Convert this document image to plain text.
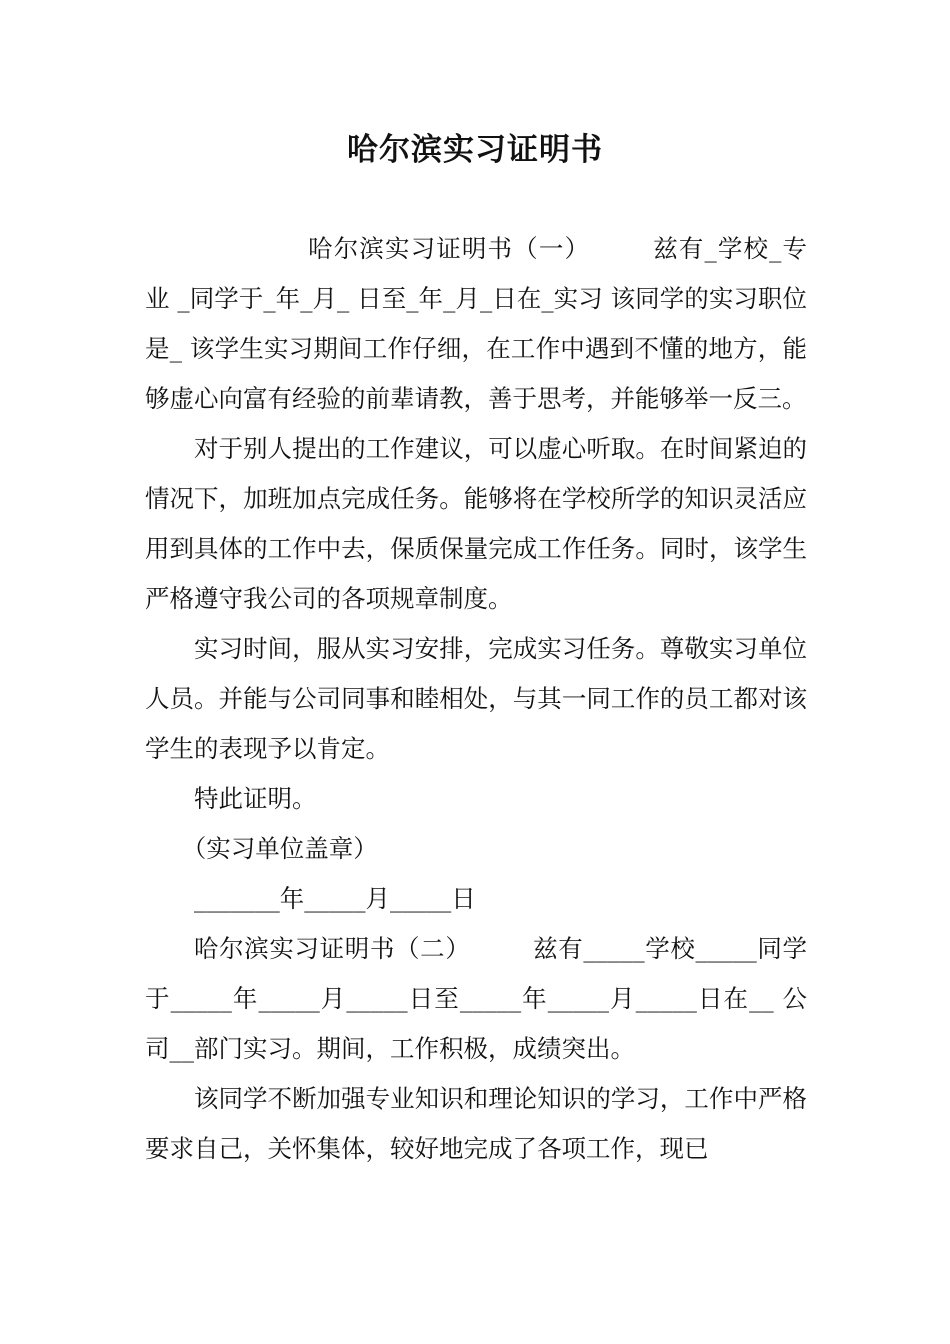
哈尔滨实习证明书

哈尔滨实习证明书（一）	兹有_学校_专业 _同学于_年_月_ 日至_年_月_日在_实习 该同学的实习职位是_ 该学生实习期间工作仔细，在工作中遇到不懂的地方，能够虚心向富有经验的前辈请教，善于思考，并能够举一反三。

对于别人提出的工作建议，可以虚心听取。在时间紧迫的情况下，加班加点完成任务。能够将在学校所学的知识灵活应用到具体的工作中去，保质保量完成工作任务。同时，该学生严格遵守我公司的各项规章制度。

实习时间，服从实习安排，完成实习任务。尊敬实习单位人员。并能与公司同事和睦相处，与其一同工作的员工都对该学生的表现予以肯定。

特此证明。

（实习单位盖章）

_______年_____月_____日

哈尔滨实习证明书（二）	兹有_____学校_____同学于_____年_____月_____日至_____年_____月_____日在__ 公司__部门实习。期间，工作积极，成绩突出。

该同学不断加强专业知识和理论知识的学习，工作中严格要求自己，关怀集体，较好地完成了各项工作，现已
